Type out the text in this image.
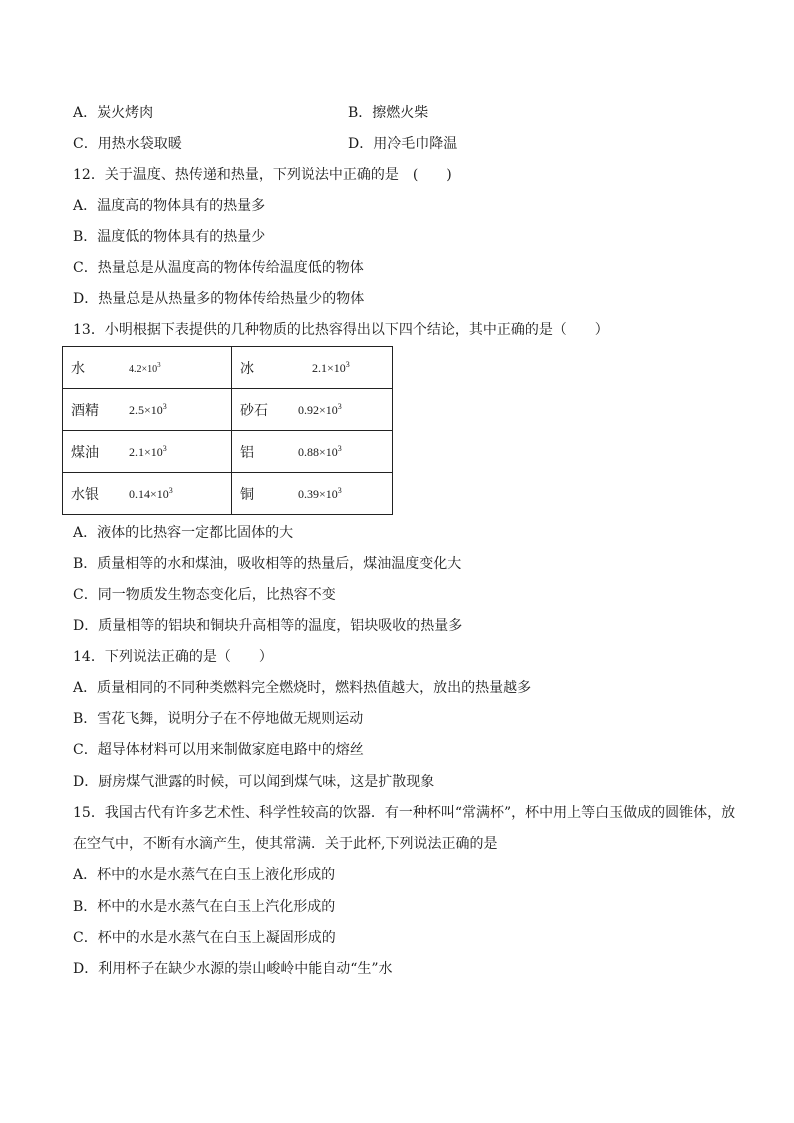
A．炭火烤肉	B．擦燃火柴
C．用热水袋取暖	D．用冷毛巾降温
12．关于温度、热传递和热量，下列说法中正确的是　(　　)
A．温度高的物体具有的热量多
B．温度低的物体具有的热量少
C．热量总是从温度高的物体传给温度低的物体
D．热量总是从热量多的物体传给热量少的物体
13．小明根据下表提供的几种物质的比热容得出以下四个结论，其中正确的是（　　）
水 $4.2\times 10^3$	冰 $2.1\times 10^3$

酒精 $2.5\times 10^3$	砂石 $0.92\times 10^3$

煤油 $2.1\times 10^3$	铝 $0.88\times 10^3$

水银 $0.14\times 10^3$	铜 $0.39\times 10^3$
A．液体的比热容一定都比固体的大
B．质量相等的水和煤油，吸收相等的热量后，煤油温度变化大
C．同一物质发生物态变化后，比热容不变
D．质量相等的铝块和铜块升高相等的温度，铝块吸收的热量多
14．下列说法正确的是（　　）
A．质量相同的不同种类燃料完全燃烧时，燃料热值越大，放出的热量越多
B．雪花飞舞，说明分子在不停地做无规则运动
C．超导体材料可以用来制做家庭电路中的熔丝
D．厨房煤气泄露的时候，可以闻到煤气味，这是扩散现象
15．我国古代有许多艺术性、科学性较高的饮器．有一种杯叫“常满杯”，杯中用上等白玉做成的圆锥体，放
在空气中，不断有水滴产生，使其常满．关于此杯,下列说法正确的是
A．杯中的水是水蒸气在白玉上液化形成的
B．杯中的水是水蒸气在白玉上汽化形成的
C．杯中的水是水蒸气在白玉上凝固形成的
D．利用杯子在缺少水源的崇山峻岭中能自动“生”水
